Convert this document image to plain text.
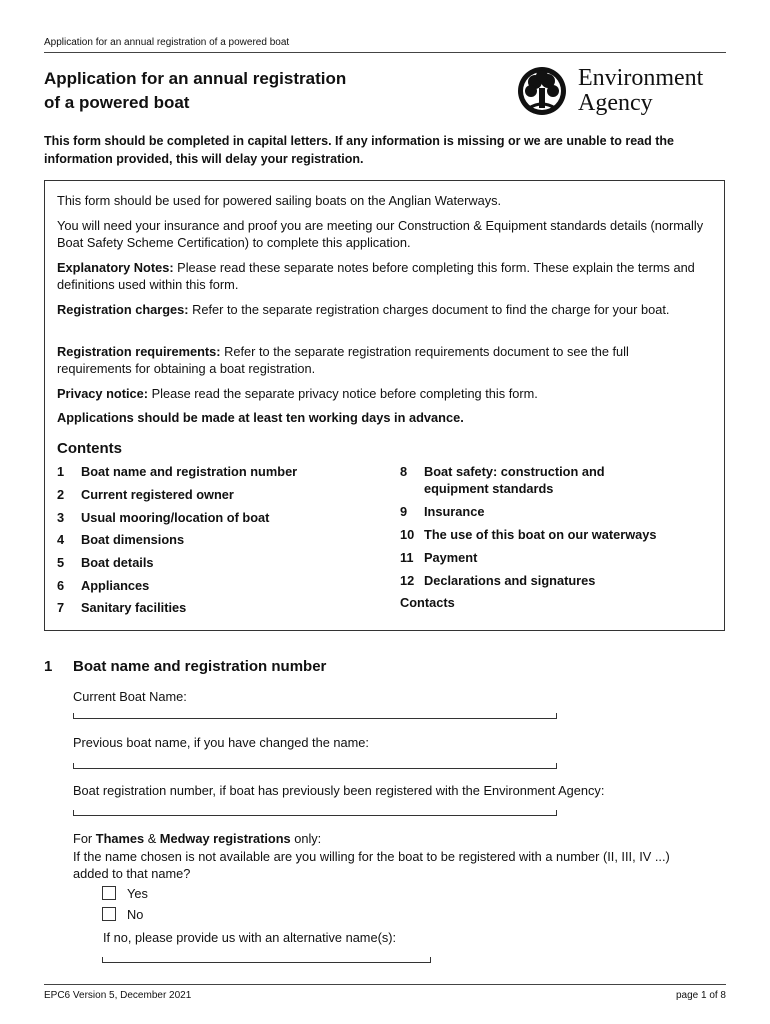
Application for an annual registration of a powered boat
Application for an annual registration
of a powered boat
Environment
Agency
This form should be completed in capital letters. If any information is missing or we are unable to read the information provided, this will delay your registration.

This form should be used for powered sailing boats on the Anglian Waterways.

You will need your insurance and proof you are meeting our Construction & Equipment standards details (normally Boat Safety Scheme Certification) to complete this application.

Explanatory Notes: Please read these separate notes before completing this form. These explain the terms and definitions used within this form.

Registration charges: Refer to the separate registration charges document to find the charge for your boat.

Registration requirements: Refer to the separate registration requirements document to see the full requirements for obtaining a boat registration.

Privacy notice: Please read the separate privacy notice before completing this form.

Applications should be made at least ten working days in advance.

Contents
1 Boat name and registration number
2 Current registered owner
3 Usual mooring/location of boat
4 Boat dimensions
5 Boat details
6 Appliances
7 Sanitary facilities
8	Boat safety: construction and equipment standards
9 Insurance
10 The use of this boat on our waterways
11 Payment
12 Declarations and signatures
Contacts
1 Boat name and registration number
Current Boat Name:
Previous boat name, if you have changed the name:
Boat registration number, if boat has previously been registered with the Environment Agency:
For Thames & Medway registrations only:
If the name chosen is not available are you willing for the boat to be registered with a number (II, III, IV ...) added to that name?
Yes
No
If no, please provide us with an alternative name(s):
EPC6 Version 5, December 2021	page 1 of 8
